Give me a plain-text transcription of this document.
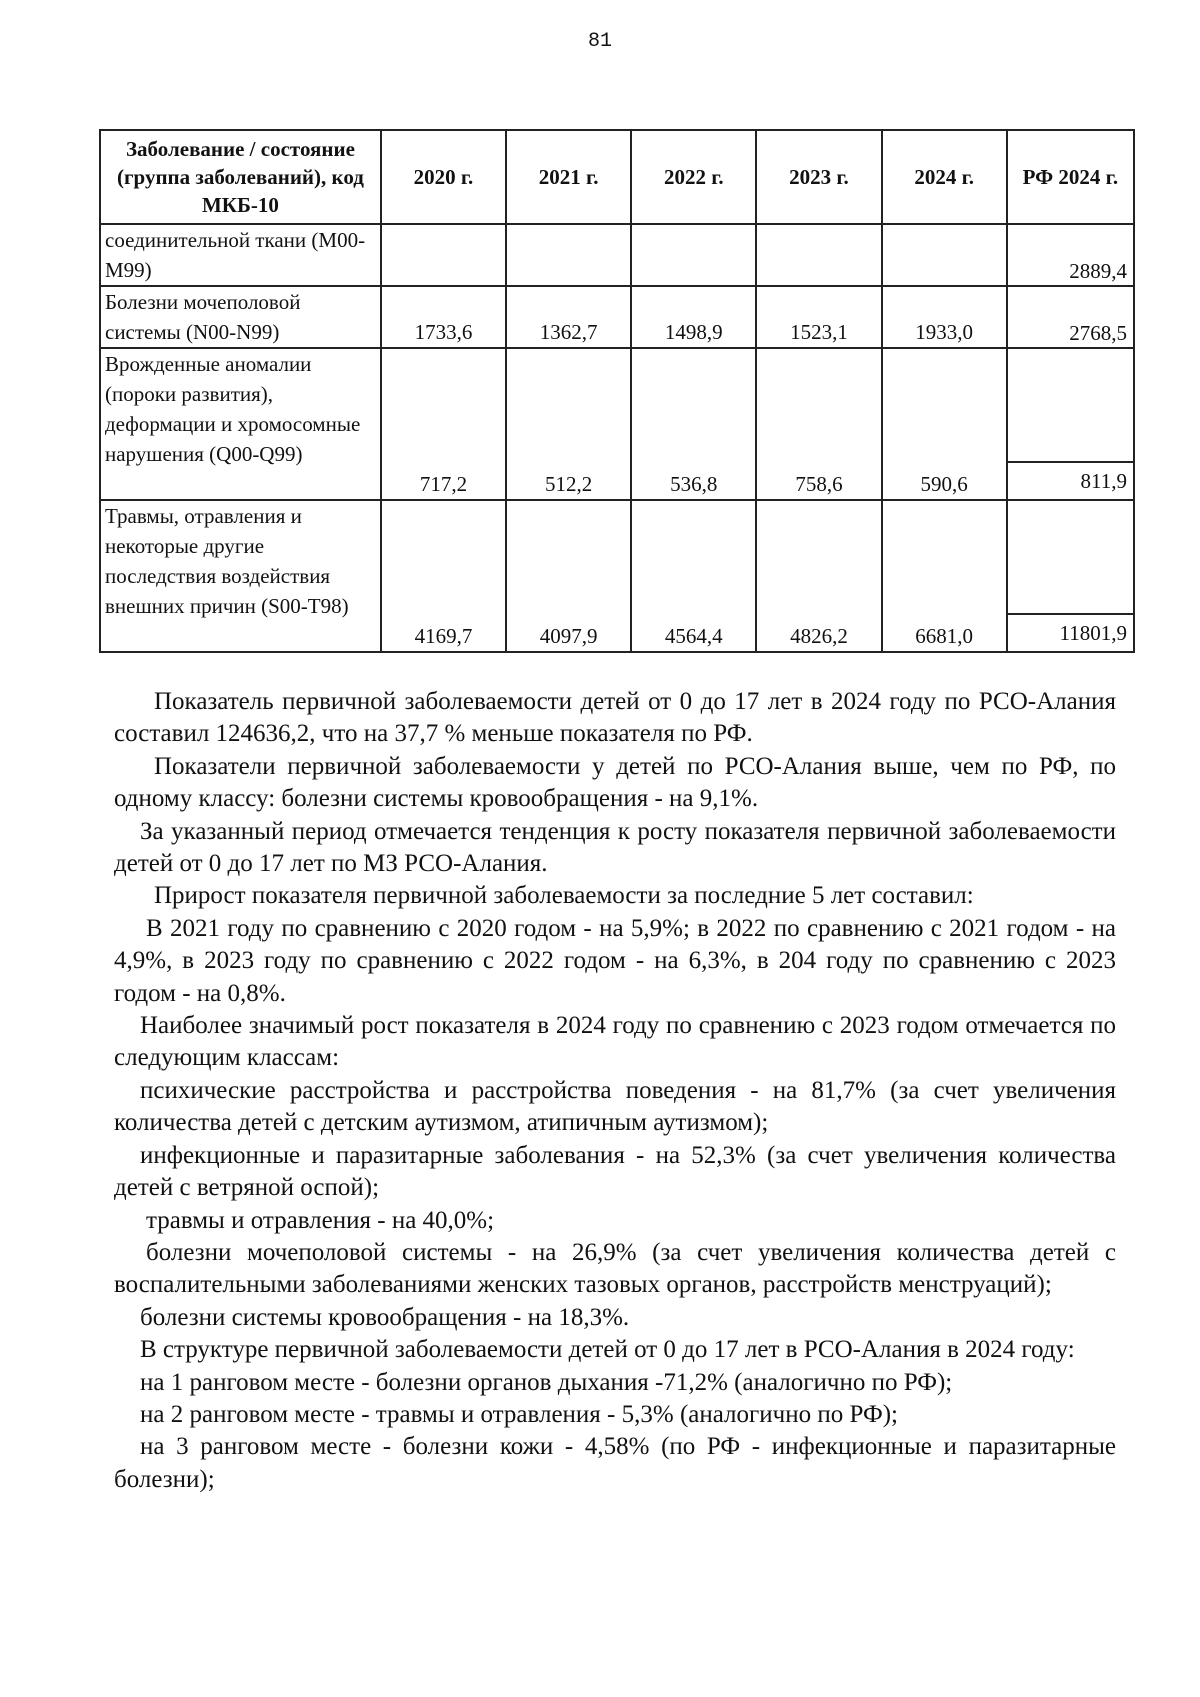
81
Заболевание / состояние (группа заболеваний), код МКБ-10	2020 г.	2021 г.	2022 г.	2023 г.	2024 г.	РФ 2024 г.
соединительной ткани (М00-М99)						2889,4
Болезни мочеполовой системы (N00-N99)	1733,6	1362,7	1498,9	1523,1	1933,0	2768,5
Врожденные аномалии (пороки развития), деформации и хромосомные нарушения (Q00-Q99)	717,2	512,2	536,8	758,6	590,6	811,9

Травмы, отравления и некоторые другие последствия воздействия внешних причин (S00-T98)	4169,7	4097,9	4564,4	4826,2	6681,0	11801,9

Показатель первичной заболеваемости детей от 0 до 17 лет в 2024 году по РСО-Алания составил 124636,2, что на 37,7 % меньше показателя по РФ.

Показатели первичной заболеваемости у детей по РСО-Алания выше, чем по РФ, по одному классу: болезни системы кровообращения - на 9,1%.

За указанный период отмечается тенденция к росту показателя первичной заболеваемости детей от 0 до 17 лет по МЗ РСО-Алания.

Прирост показателя первичной заболеваемости за последние 5 лет составил:

В 2021 году по сравнению с 2020 годом - на 5,9%; в 2022 по сравнению с 2021 годом - на 4,9%, в 2023 году по сравнению с 2022 годом - на 6,3%, в 204 году по сравнению с 2023 годом - на 0,8%.

Наиболее значимый рост показателя в 2024 году по сравнению с 2023 годом отмечается по следующим классам:

психические расстройства и расстройства поведения - на 81,7% (за счет увеличения количества детей с детским аутизмом, атипичным аутизмом);

инфекционные и паразитарные заболевания - на 52,3% (за счет увеличения количества детей с ветряной оспой);

травмы и отравления - на 40,0%;

болезни мочеполовой системы - на 26,9% (за счет увеличения количества детей с воспалительными заболеваниями женских тазовых органов, расстройств менструаций);

болезни системы кровообращения - на 18,3%.

В структуре первичной заболеваемости детей от 0 до 17 лет в РСО-Алания в 2024 году:

на 1 ранговом месте - болезни органов дыхания -71,2% (аналогично по РФ);

на 2 ранговом месте - травмы и отравления - 5,3% (аналогично по РФ);

на 3 ранговом месте - болезни кожи - 4,58% (по РФ - инфекционные и паразитарные болезни);
